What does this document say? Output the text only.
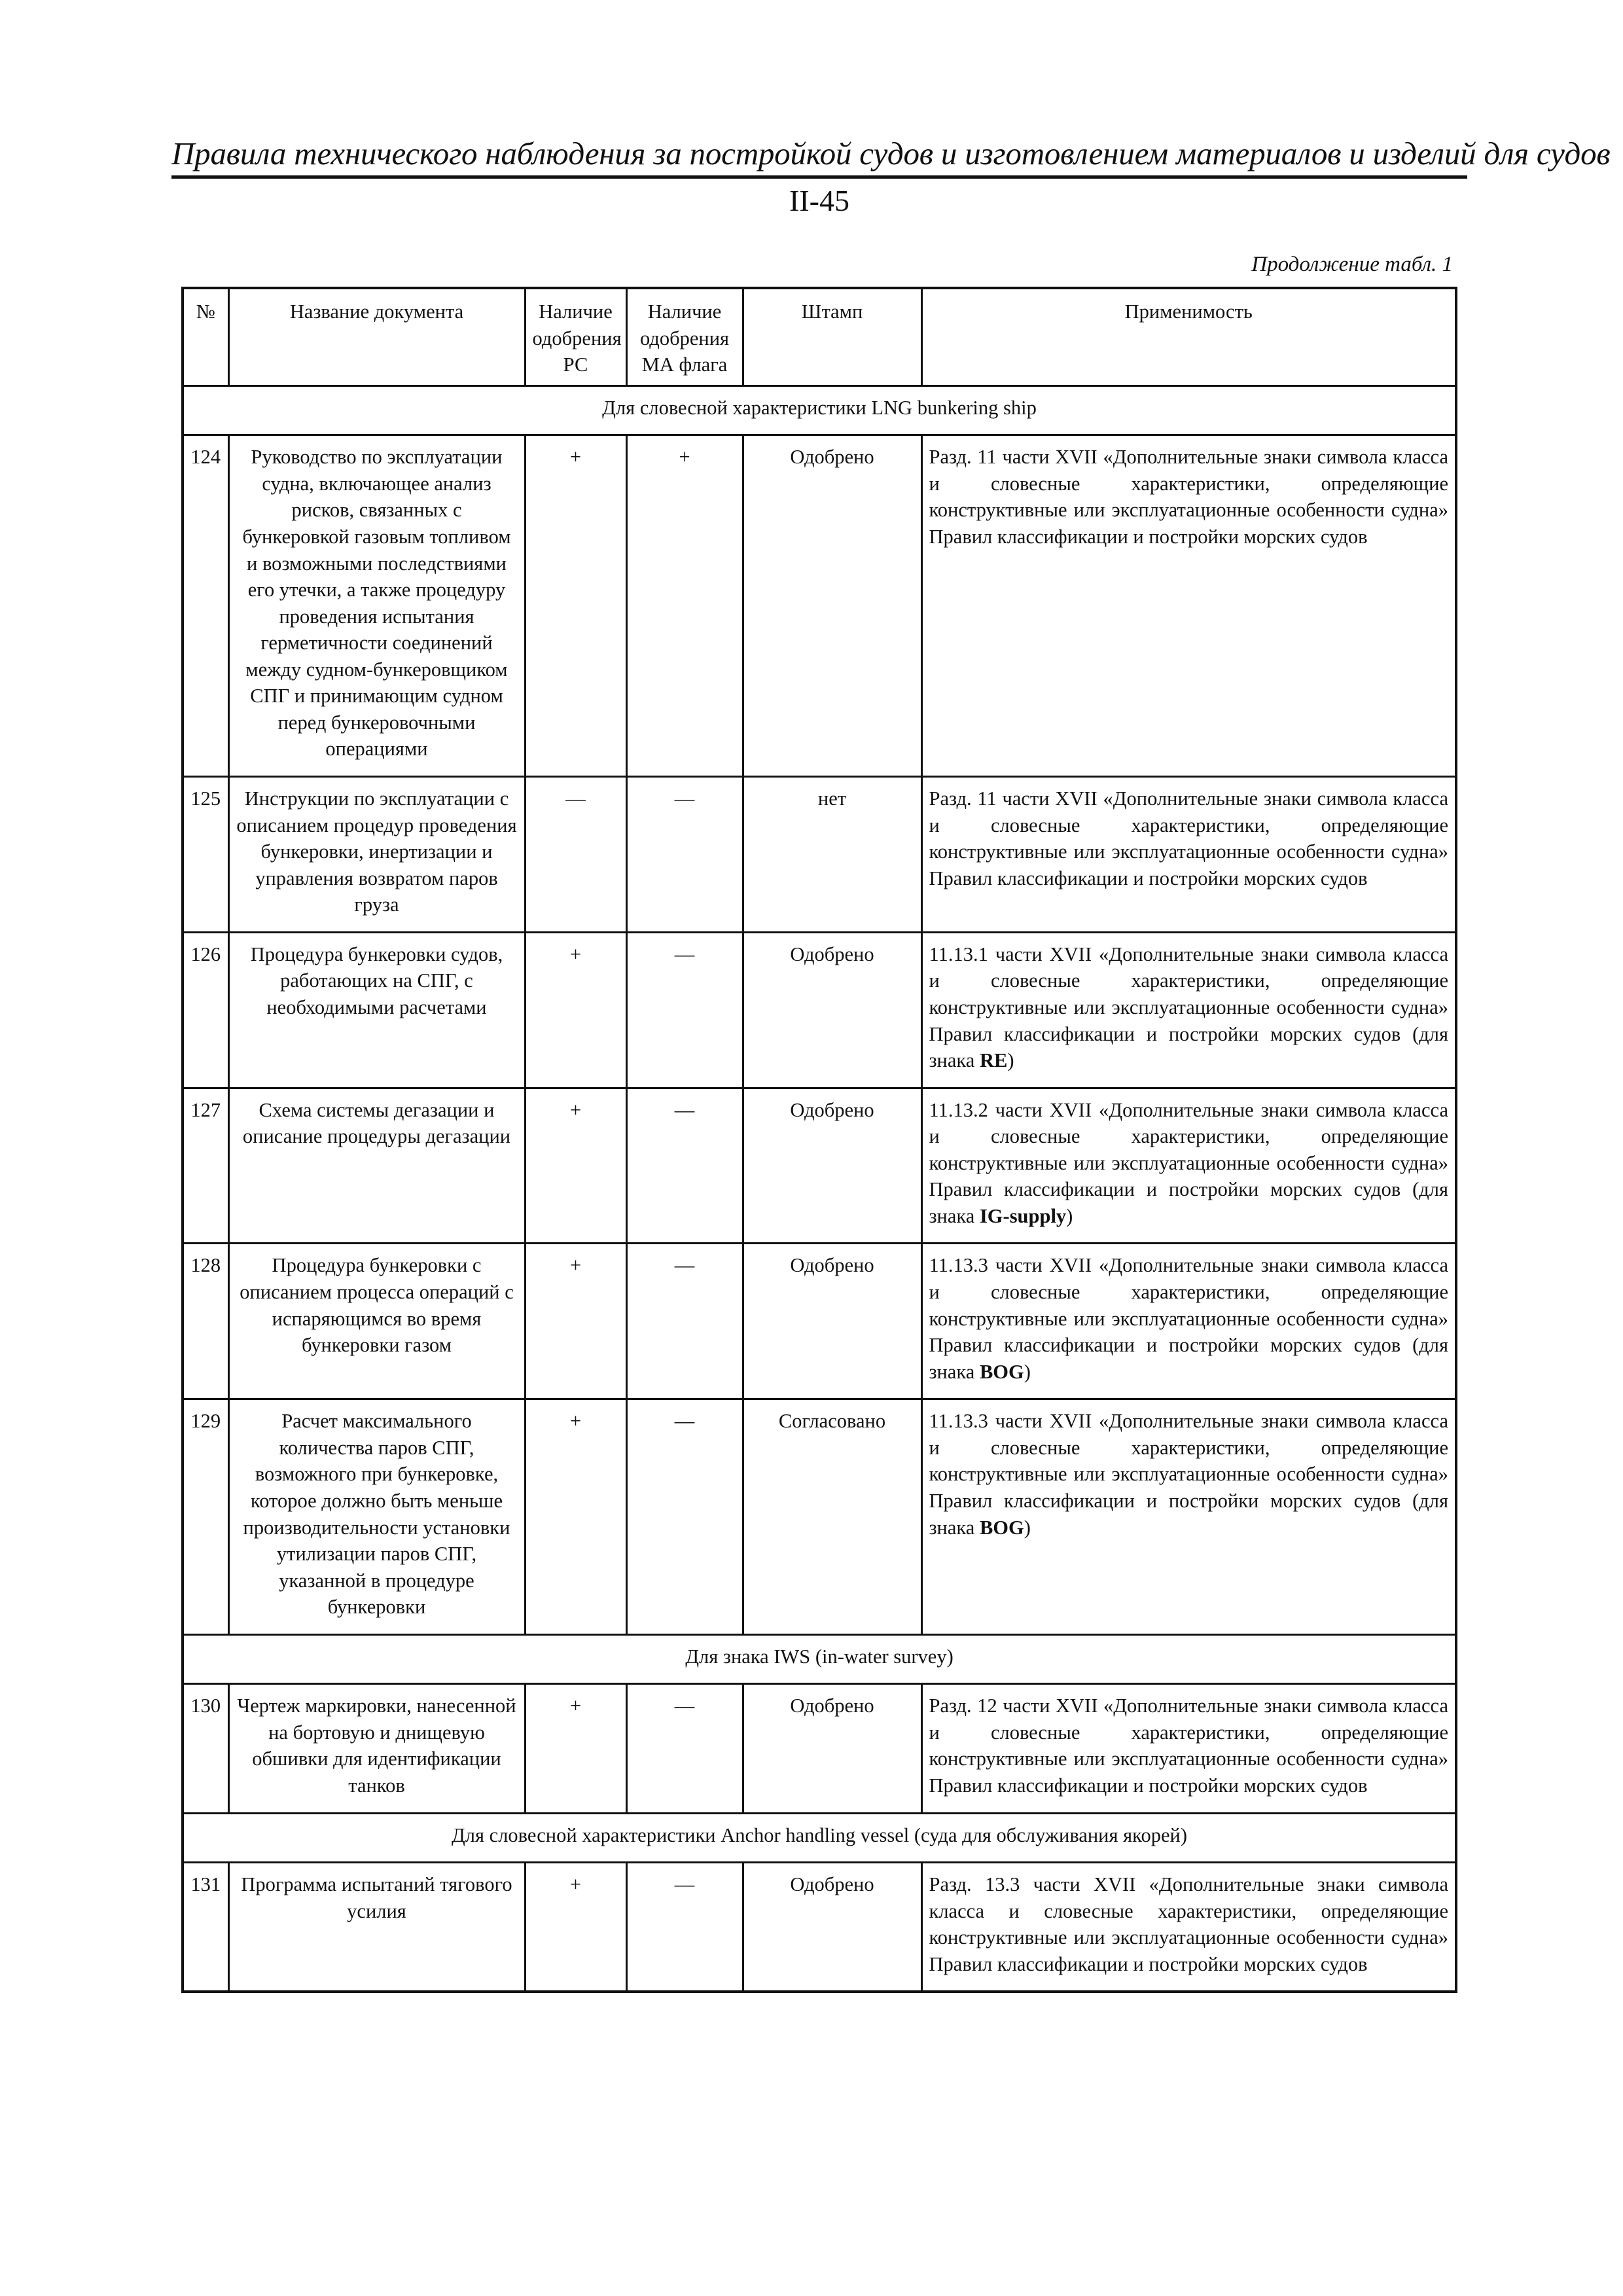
Правила технического наблюдения за постройкой судов и изготовлением материалов и изделий для судов
II-45
Продолжение табл. 1
№	Название документа	Наличие одобрения РС	Наличие одобрения МА флага	Штамп	Применимость
Для словесной характеристики LNG bunkering ship					
124	Руководство по эксплуатации судна, включающее анализ рисков, связанных с бункеровкой газовым топливом и возможными последствиями его утечки, а также процедуру проведения испытания герметичности соединений между судном-бункеровщиком СПГ и принимающим судном перед бункеровочными операциями	+	+	Одобрено	Разд. 11 части XVII «Дополнительные знаки символа класса и словесные характеристики, определяющие конструктивные или эксплуатационные особенности судна» Правил классификации и постройки морских судов
125	Инструкции по эксплуатации с описанием процедур проведения бункеровки, инертизации и управления возвратом паров груза	—	—	нет	Разд. 11 части XVII «Дополнительные знаки символа класса и словесные характеристики, определяющие конструктивные или эксплуатационные особенности судна» Правил классификации и постройки морских судов
126	Процедура бункеровки судов, работающих на СПГ, с необходимыми расчетами	+	—	Одобрено	11.13.1 части XVII «Дополнительные знаки символа класса и словесные характеристики, определяющие конструктивные или эксплуатационные особенности судна» Правил классификации и постройки морских судов (для знака RE)
127	Схема системы дегазации и описание процедуры дегазации	+	—	Одобрено	11.13.2 части XVII «Дополнительные знаки символа класса и словесные характеристики, определяющие конструктивные или эксплуатационные особенности судна» Правил классификации и постройки морских судов (для знака IG-supply)
128	Процедура бункеровки с описанием процесса операций с испаряющимся во время бункеровки газом	+	—	Одобрено	11.13.3 части XVII «Дополнительные знаки символа класса и словесные характеристики, определяющие конструктивные или эксплуатационные особенности судна» Правил классификации и постройки морских судов (для знака BOG)
129	Расчет максимального количества паров СПГ, возможного при бункеровке, которое должно быть меньше производительности установки утилизации паров СПГ, указанной в процедуре бункеровки	+	—	Согласовано	11.13.3 части XVII «Дополнительные знаки символа класса и словесные характеристики, определяющие конструктивные или эксплуатационные особенности судна» Правил классификации и постройки морских судов (для знака BOG)
Для знака IWS (in-water survey)					
130	Чертеж маркировки, нанесенной на бортовую и днищевую обшивки для идентификации танков	+	—	Одобрено	Разд. 12 части XVII «Дополнительные знаки символа класса и словесные характеристики, определяющие конструктивные или эксплуатационные особенности судна» Правил классификации и постройки морских судов
Для словесной характеристики Anchor handling vessel (суда для обслуживания якорей)					
131	Программа испытаний тягового усилия	+	—	Одобрено	Разд. 13.3 части XVII «Дополнительные знаки символа класса и словесные характеристики, определяющие конструктивные или эксплуатационные особенности судна» Правил классификации и постройки морских судов
